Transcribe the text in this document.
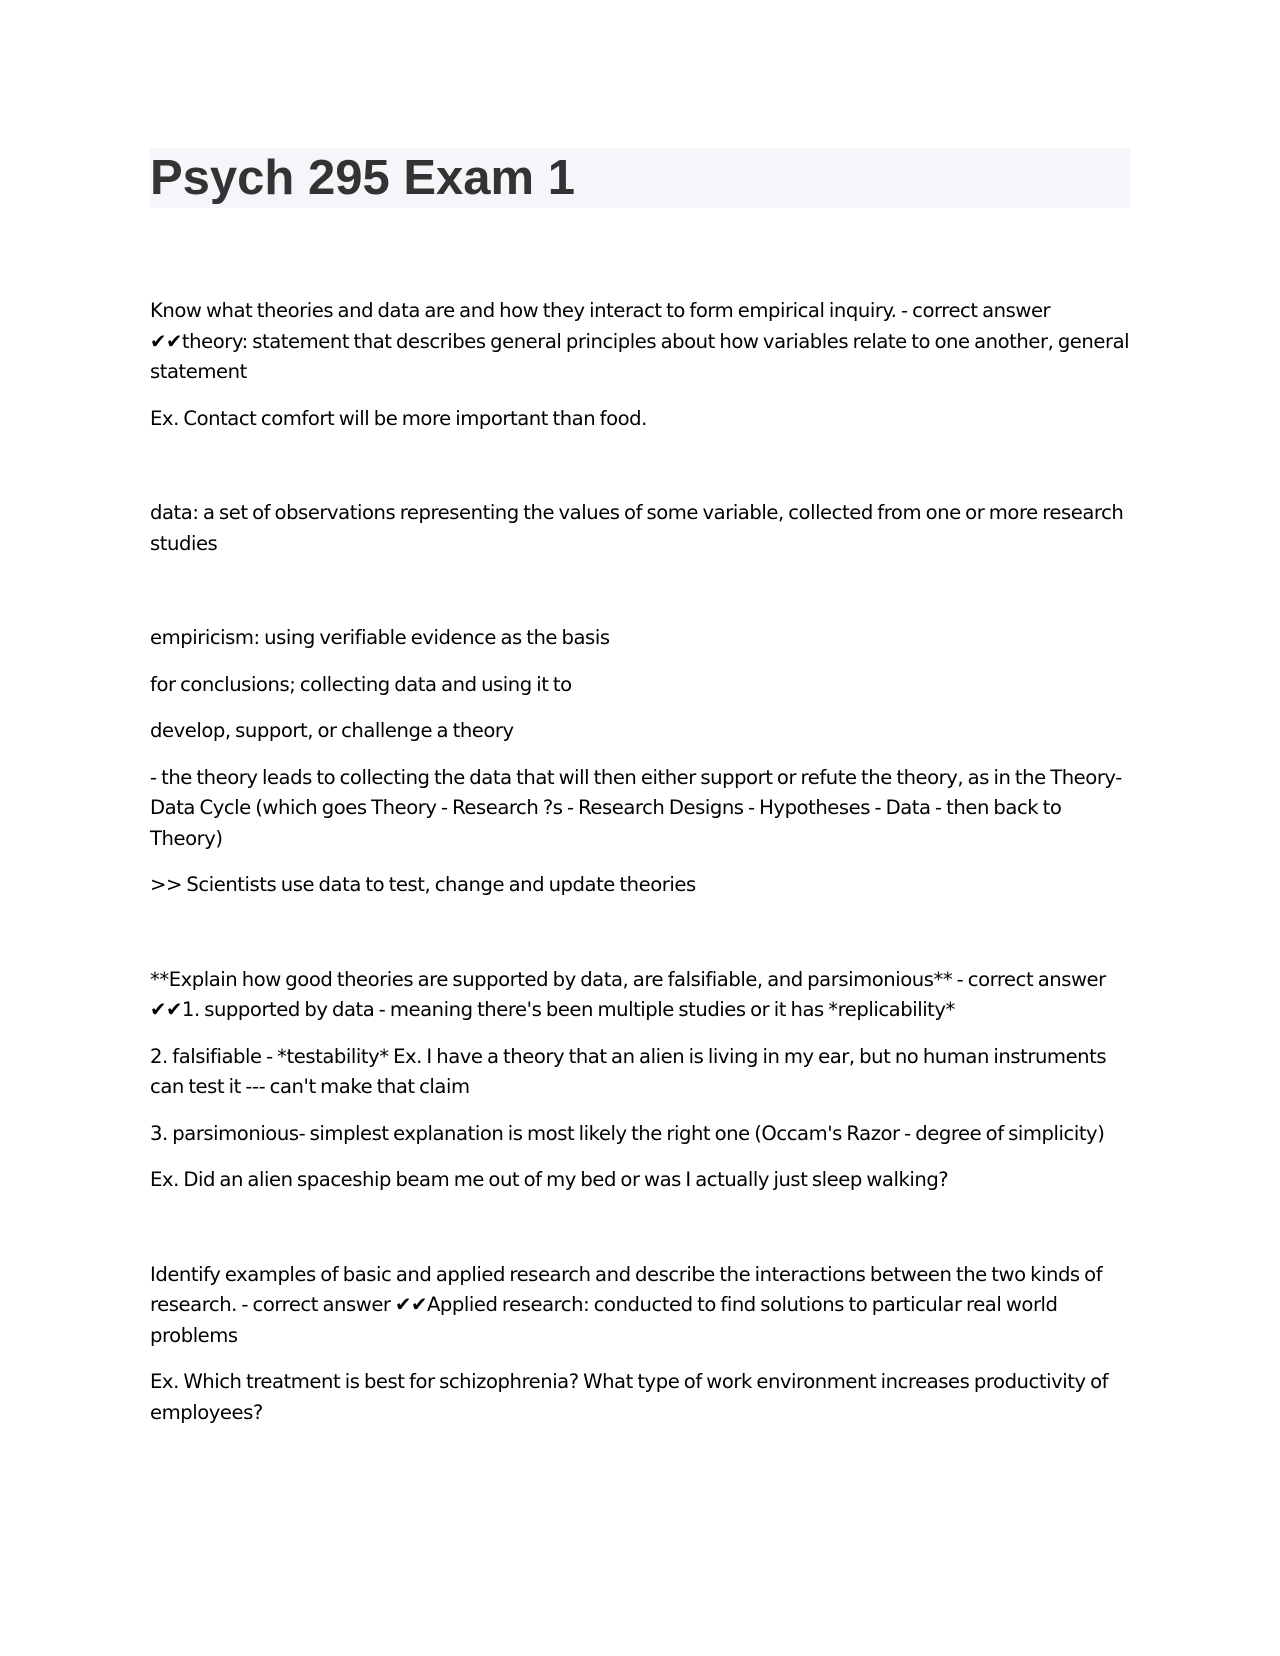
Psych 295 Exam 1

Know what theories and data are and how they interact to form empirical inquiry. - correct answer ✔✔theory: statement that describes general principles about how variables relate to one another, general statement

Ex. Contact comfort will be more important than food.

data: a set of observations representing the values of some variable, collected from one or more research studies

empiricism: using verifiable evidence as the basis

for conclusions; collecting data and using it to

develop, support, or challenge a theory

- the theory leads to collecting the data that will then either support or refute the theory, as in the Theory-Data Cycle (which goes Theory - Research ?s - Research Designs - Hypotheses - Data - then back to Theory)

>> Scientists use data to test, change and update theories

**Explain how good theories are supported by data, are falsifiable, and parsimonious** - correct answer ✔✔1. supported by data - meaning there's been multiple studies or it has *replicability*

2. falsifiable - *testability* Ex. I have a theory that an alien is living in my ear, but no human instruments can test it --- can't make that claim

3. parsimonious- simplest explanation is most likely the right one (Occam's Razor - degree of simplicity)

Ex. Did an alien spaceship beam me out of my bed or was I actually just sleep walking?

Identify examples of basic and applied research and describe the interactions between the two kinds of research. - correct answer ✔✔Applied research: conducted to find solutions to particular real world problems

Ex. Which treatment is best for schizophrenia? What type of work environment increases productivity of employees?
